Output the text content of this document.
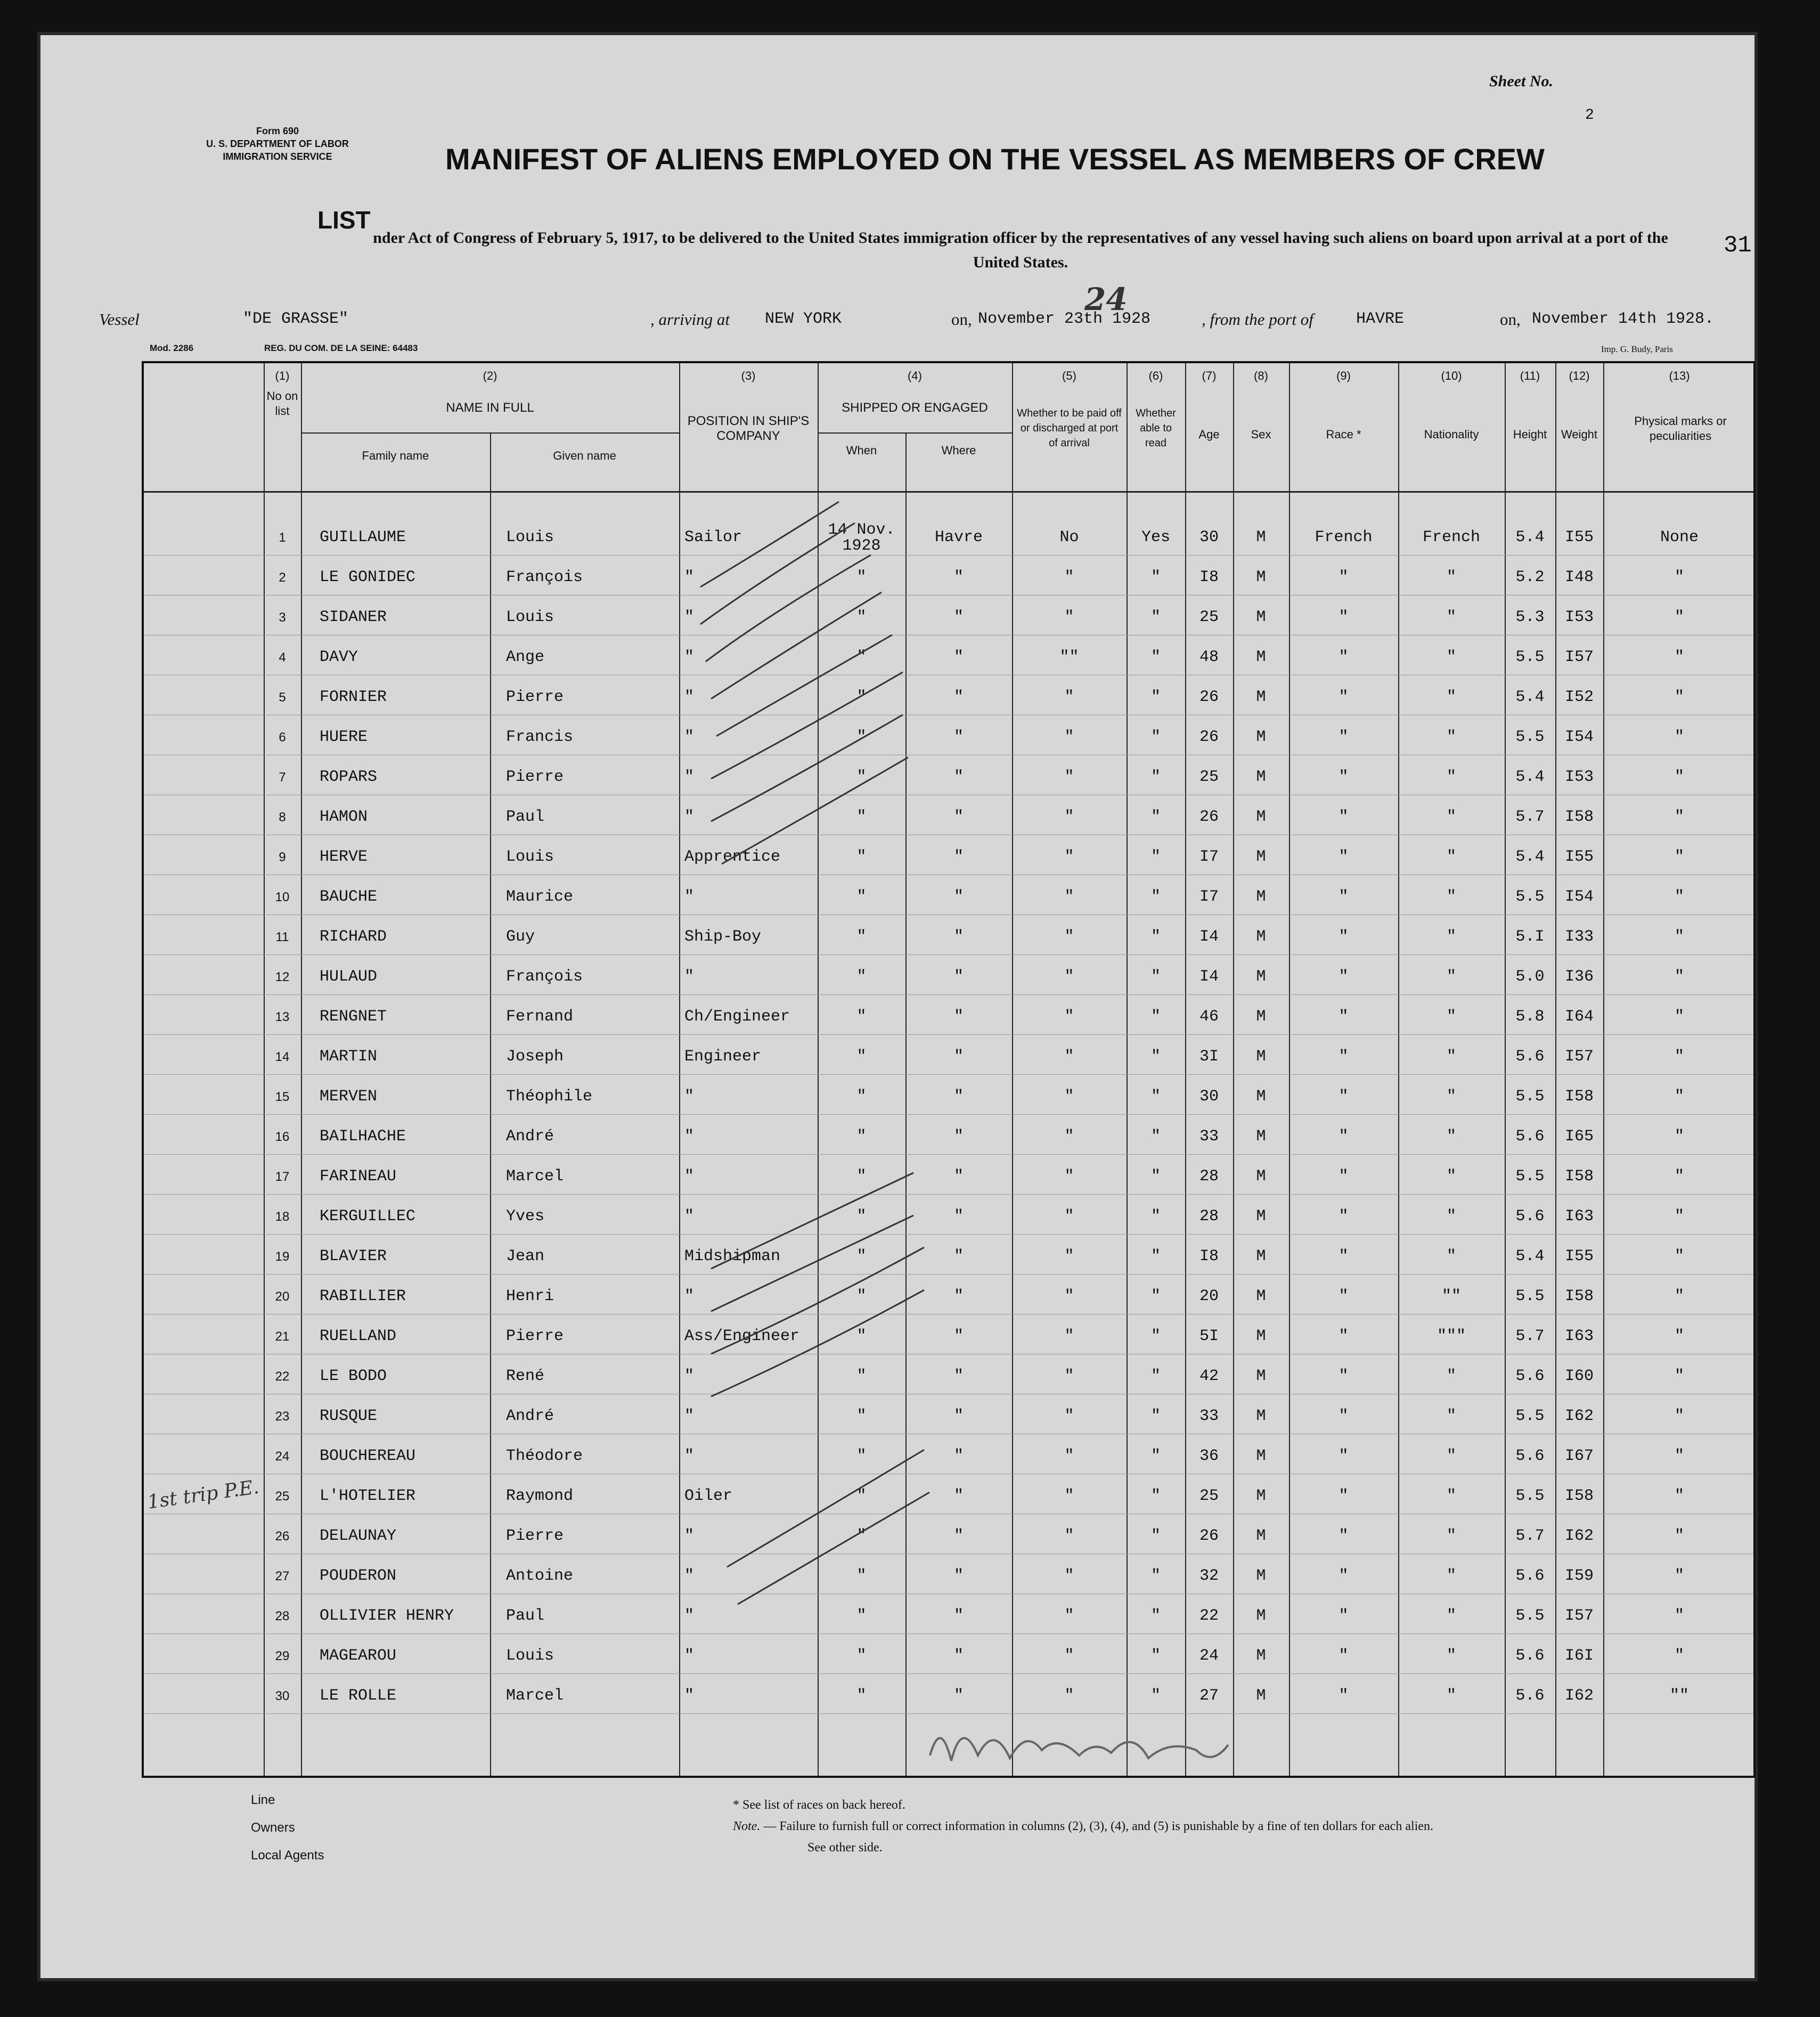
Sheet No.
2
Form 690
U. S. DEPARTMENT OF LABOR
IMMIGRATION SERVICE	MANIFEST OF ALIENS EMPLOYED ON THE VESSEL AS MEMBERS OF CREW
LIST
nder Act of Congress of February 5, 1917, to be delivered to the United States immigration officer by the representatives of any vessel having such aliens on board upon arrival at a port of the United States.
31
Vessel	"DE GRASSE"	, arriving at NEW YORK	on, November 23th 1928
24
, from the port of	HAVRE	on, November 14th 1928.
Mod. 2286	REG. DU COM. DE LA SEINE: 64483	Imp. G. Budy, Paris
(1)	(2)	(3)	(4)	(5)	(6)	(7)	(8)	(9)	(10)	(11)	(12)	(13)
No on list	NAME IN FULL
Family name	Given name
POSITION IN SHIP'S COMPANY
SHIPPED OR ENGAGED
When	Where
Whether to be paid off or discharged at port of arrival
Whether able to read
Age	Sex	Race *	Nationality	Height	Weight
Physical marks or peculiarities
1	GUILLAUME	Louis	Sailor	14 Nov. 1928	Havre	No	Yes	30	M	French	French	5.4	I55	None
2	LE GONIDEC	François	"	"	"	"	"	I8	M	"	"	5.2	I48	"
3	SIDANER	Louis	"	"	"	"	"	25	M	"	"	5.3	I53	"
4	DAVY	Ange	"	"	"	""	"	48	M	"	"	5.5	I57	"
5	FORNIER	Pierre	"	"	"	"	"	26	M	"	"	5.4	I52	"
6	HUERE	Francis	"	"	"	"	"	26	M	"	"	5.5	I54	"
7	ROPARS	Pierre	"	"	"	"	"	25	M	"	"	5.4	I53	"
8	HAMON	Paul	"	"	"	"	"	26	M	"	"	5.7	I58	"
9	HERVE	Louis	Apprentice	"	"	"	"	I7	M	"	"	5.4	I55	"
10	BAUCHE	Maurice	"	"	"	"	"	I7	M	"	"	5.5	I54	"
11	RICHARD	Guy	Ship-Boy	"	"	"	"	I4	M	"	"	5.I	I33	"
12	HULAUD	François	"	"	"	"	"	I4	M	"	"	5.0	I36	"
13	RENGNET	Fernand	Ch/Engineer	"	"	"	"	46	M	"	"	5.8	I64	"
14	MARTIN	Joseph	Engineer	"	"	"	"	3I	M	"	"	5.6	I57	"
15	MERVEN	Théophile	"	"	"	"	"	30	M	"	"	5.5	I58	"
16	BAILHACHE	André	"	"	"	"	"	33	M	"	"	5.6	I65	"
17	FARINEAU	Marcel	"	"	"	"	"	28	M	"	"	5.5	I58	"
18	KERGUILLEC	Yves	"	"	"	"	"	28	M	"	"	5.6	I63	"
19	BLAVIER	Jean	Midshipman	"	"	"	"	I8	M	"	"	5.4	I55	"
20	RABILLIER	Henri	"	"	"	"	"	20	M	"	""	5.5	I58	"
21	RUELLAND	Pierre	Ass/Engineer	"	"	"	"	5I	M	"	"""	5.7	I63	"
22	LE BODO	René	"	"	"	"	"	42	M	"	"	5.6	I60	"
23	RUSQUE	André	"	"	"	"	"	33	M	"	"	5.5	I62	"
24	BOUCHEREAU	Théodore	"	"	"	"	"	36	M	"	"	5.6	I67	"
25	L'HOTELIER	Raymond	Oiler	"	"	"	"	25	M	"	"	5.5	I58	"
26	DELAUNAY	Pierre	"	"	"	"	"	26	M	"	"	5.7	I62	"
27	POUDERON	Antoine	"	"	"	"	"	32	M	"	"	5.6	I59	"
28	OLLIVIER HENRY	Paul	"	"	"	"	"	22	M	"	"	5.5	I57	"
29	MAGEAROU	Louis	"	"	"	"	"	24	M	"	"	5.6	I6I	"
30	LE ROLLE	Marcel	"	"	"	"	"	27	M	"	"	5.6	I62	""
1st trip P.E.
Line
Owners
Local Agents
* See list of races on back hereof.
Note. — Failure to furnish full or correct information in columns (2), (3), (4), and (5) is punishable by a fine of ten dollars for each alien.
See other side.
